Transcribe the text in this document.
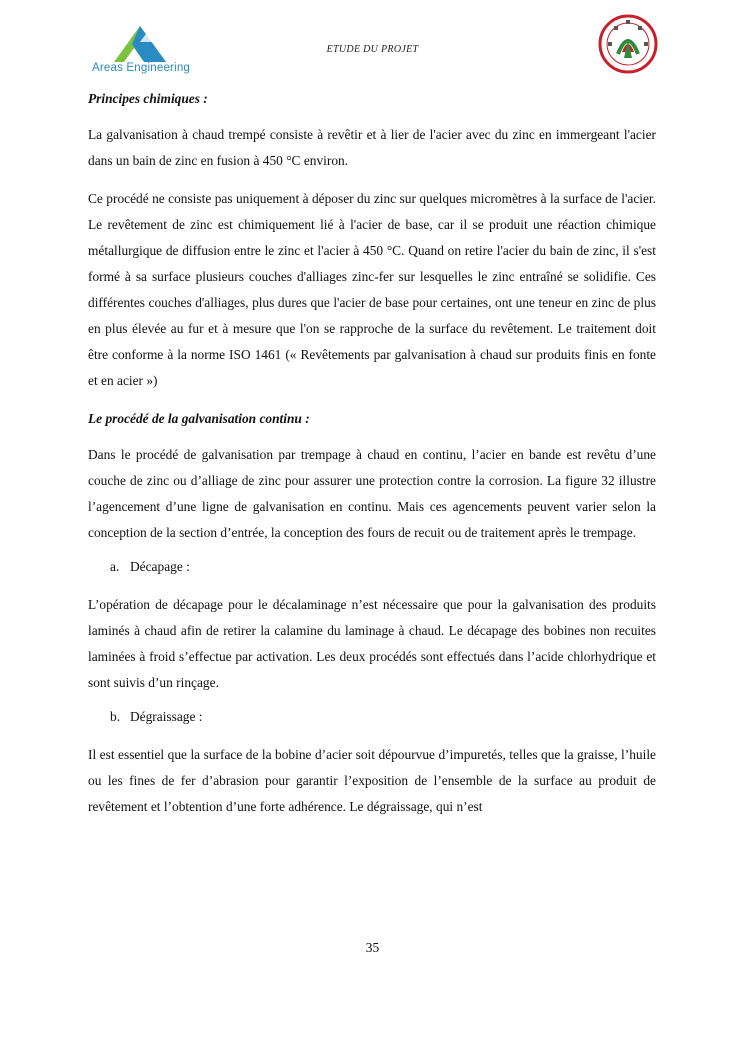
Areas Engineering
ETUDE DU PROJET

Principes chimiques :

La galvanisation à chaud trempé consiste à revêtir et à lier de l'acier avec du zinc en immergeant l'acier dans un bain de zinc en fusion à 450 °C environ.

Ce procédé ne consiste pas uniquement à déposer du zinc sur quelques micromètres à la surface de l'acier. Le revêtement de zinc est chimiquement lié à l'acier de base, car il se produit une réaction chimique métallurgique de diffusion entre le zinc et l'acier à 450 °C. Quand on retire l'acier du bain de zinc, il s'est formé à sa surface plusieurs couches d'alliages zinc-fer sur lesquelles le zinc entraîné se solidifie. Ces différentes couches d'alliages, plus dures que l'acier de base pour certaines, ont une teneur en zinc de plus en plus élevée au fur et à mesure que l'on se rapproche de la surface du revêtement. Le traitement doit être conforme à la norme ISO 1461 (« Revêtements par galvanisation à chaud sur produits finis en fonte et en acier »)

Le procédé de la galvanisation continu :

Dans le procédé de galvanisation par trempage à chaud en continu, l’acier en bande est revêtu d’une couche de zinc ou d’alliage de zinc pour assurer une protection contre la corrosion. La figure 32 illustre l’agencement d’une ligne de galvanisation en continu. Mais ces agencements peuvent varier selon la conception de la section d’entrée, la conception des fours de recuit ou de traitement après le trempage.

a. Décapage :

L’opération de décapage pour le décalaminage n’est nécessaire que pour la galvanisation des produits laminés à chaud afin de retirer la calamine du laminage à chaud. Le décapage des bobines non recuites laminées à froid s’effectue par activation. Les deux procédés sont effectués dans l’acide chlorhydrique et sont suivis d’un rinçage.

b. Dégraissage :

Il est essentiel que la surface de la bobine d’acier soit dépourvue d’impuretés, telles que la graisse, l’huile ou les fines de fer d’abrasion pour garantir l’exposition de l’ensemble de la surface au produit de revêtement et l’obtention d’une forte adhérence. Le dégraissage, qui n’est

35
